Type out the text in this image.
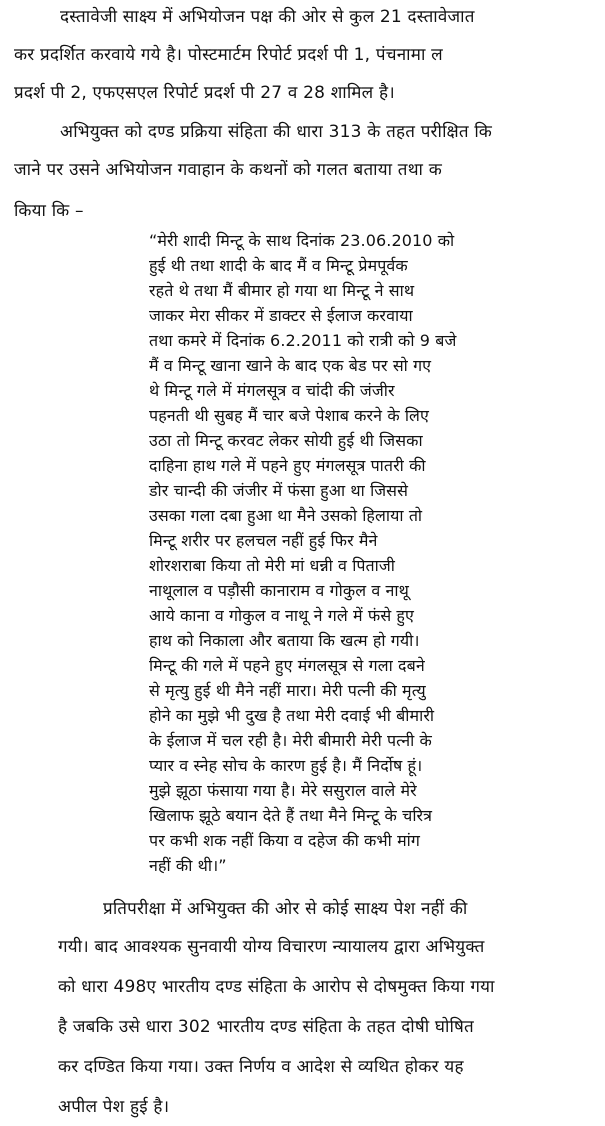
दस्तावेजी साक्ष्य में अभियोजन पक्ष की ओर से कुल 21 दस्तावेजात
कर प्रदर्शित करवाये गये है। पोस्टमार्टम रिपोर्ट प्रदर्श पी 1, पंचनामा ल
प्रदर्श पी 2, एफएसएल रिपोर्ट प्रदर्श पी 27 व 28 शामिल है।
अभियुक्त को दण्ड प्रक्रिया संहिता की धारा 313 के तहत परीक्षित कि
जाने पर उसने अभियोजन गवाहान के कथनों को गलत बताया तथा क
किया कि –
“मेरी शादी मिन्टू के साथ दिनांक 23.06.2010 को
हुई थी तथा शादी के बाद मैं व मिन्टू प्रेमपूर्वक
रहते थे तथा मैं बीमार हो गया था मिन्टू ने साथ
जाकर मेरा सीकर में डाक्टर से ईलाज करवाया
तथा कमरे में दिनांक 6.2.2011 को रात्री को 9 बजे
मैं व मिन्टू खाना खाने के बाद एक बेड पर सो गए
थे मिन्टू गले में मंगलसूत्र व चांदी की जंजीर
पहनती थी सुबह मैं चार बजे पेशाब करने के लिए
उठा तो मिन्टू करवट लेकर सोयी हुई थी जिसका
दाहिना हाथ गले में पहने हुए मंगलसूत्र पातरी की
डोर चान्दी की जंजीर में फंसा हुआ था जिससे
उसका गला दबा हुआ था मैने उसको हिलाया तो
मिन्टू शरीर पर हलचल नहीं हुई फिर मैने
शोरशराबा किया तो मेरी मां धन्नी व पिताजी
नाथूलाल व पड़ौसी कानाराम व गोकुल व नाथू
आये काना व गोकुल व नाथू ने गले में फंसे हुए
हाथ को निकाला और बताया कि खत्म हो गयी।
मिन्टू की गले में पहने हुए मंगलसूत्र से गला दबने
से मृत्यु हुई थी मैने नहीं मारा। मेरी पत्नी की मृत्यु
होने का मुझे भी दुख है तथा मेरी दवाई भी बीमारी
के ईलाज में चल रही है। मेरी बीमारी मेरी पत्नी के
प्यार व स्नेह सोच के कारण हुई है। मैं निर्दोष हूं।
मुझे झूठा फंसाया गया है। मेरे ससुराल वाले मेरे
खिलाफ झूठे बयान देते हैं तथा मैने मिन्टू के चरित्र
पर कभी शक नहीं किया व दहेज की कभी मांग
नहीं की थी।”
प्रतिपरीक्षा में अभियुक्त की ओर से कोई साक्ष्य पेश नहीं की
गयी। बाद आवश्यक सुनवायी योग्य विचारण न्यायालय द्वारा अभियुक्त
को धारा 498ए भारतीय दण्ड संहिता के आरोप से दोषमुक्त किया गया
है जबकि उसे धारा 302 भारतीय दण्ड संहिता के तहत दोषी घोषित
कर दण्डित किया गया। उक्त निर्णय व आदेश से व्यथित होकर यह
अपील पेश हुई है।
